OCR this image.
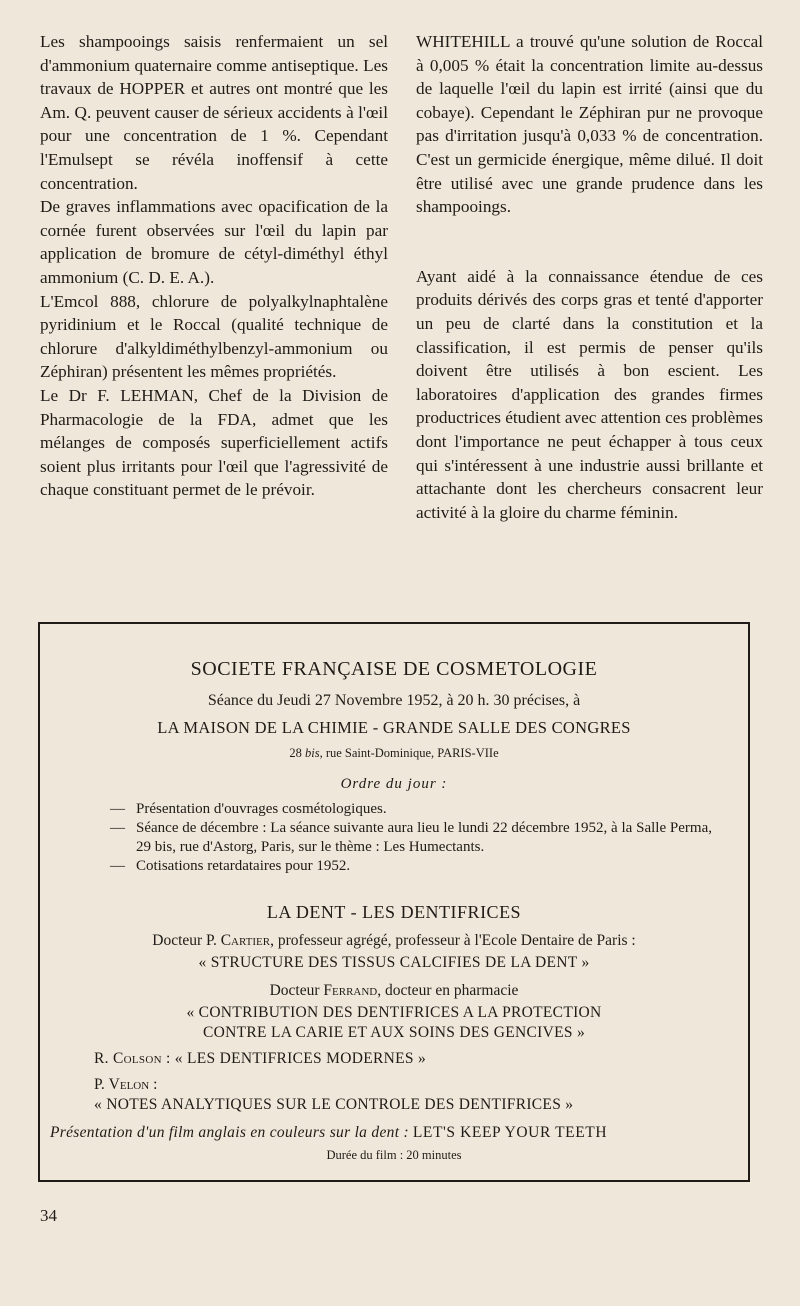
Les shampooings saisis renfermaient un sel d'ammonium quaternaire comme antiseptique. Les travaux de HOPPER et autres ont montré que les Am. Q. peuvent causer de sérieux accidents à l'œil pour une concentration de 1 %. Cependant l'Emulsept se révéla inoffensif à cette concentration.

De graves inflammations avec opacification de la cornée furent observées sur l'œil du lapin par application de bromure de cétyl-diméthyl éthyl ammonium (C. D. E. A.).

L'Emcol 888, chlorure de polyalkylnaphtalène pyridinium et le Roccal (qualité technique de chlorure d'alkyldiméthylbenzyl-ammonium ou Zéphiran) présentent les mêmes propriétés.

Le Dr F. LEHMAN, Chef de la Division de Pharmacologie de la FDA, admet que les mélanges de composés superficiellement actifs soient plus irritants pour l'œil que l'agressivité de chaque constituant permet de le prévoir.

WHITEHILL a trouvé qu'une solution de Roccal à 0,005 % était la concentration limite au-dessus de laquelle l'œil du lapin est irrité (ainsi que du cobaye). Cependant le Zéphiran pur ne provoque pas d'irritation jusqu'à 0,033 % de concentration. C'est un germicide énergique, même dilué. Il doit être utilisé avec une grande prudence dans les shampooings.

Ayant aidé à la connaissance étendue de ces produits dérivés des corps gras et tenté d'apporter un peu de clarté dans la constitution et la classification, il est permis de penser qu'ils doivent être utilisés à bon escient. Les laboratoires d'application des grandes firmes productrices étudient avec attention ces problèmes dont l'importance ne peut échapper à tous ceux qui s'intéressent à une industrie aussi brillante et attachante dont les chercheurs consacrent leur activité à la gloire du charme féminin.

SOCIETE FRANÇAISE DE COSMETOLOGIE
Séance du Jeudi 27 Novembre 1952, à 20 h. 30 précises, à
LA MAISON DE LA CHIMIE - GRANDE SALLE DES CONGRES
28 bis, rue Saint-Dominique, PARIS-VIIe
Ordre du jour :
— Présentation d'ouvrages cosmétologiques.
— Séance de décembre : La séance suivante aura lieu le lundi 22 décembre 1952, à la Salle Perma, 29 bis, rue d'Astorg, Paris, sur le thème : Les Humectants.
— Cotisations retardataires pour 1952.
LA DENT - LES DENTIFRICES
Docteur P. Cartier, professeur agrégé, professeur à l'Ecole Dentaire de Paris :
« STRUCTURE DES TISSUS CALCIFIES DE LA DENT »
Docteur Ferrand, docteur en pharmacie
« CONTRIBUTION DES DENTIFRICES A LA PROTECTION
CONTRE LA CARIE ET AUX SOINS DES GENCIVES »
R. Colson : « LES DENTIFRICES MODERNES »
P. Velon :
« NOTES ANALYTIQUES SUR LE CONTROLE DES DENTIFRICES »
Présentation d'un film anglais en couleurs sur la dent : LET'S KEEP YOUR TEETH
Durée du film : 20 minutes
34
